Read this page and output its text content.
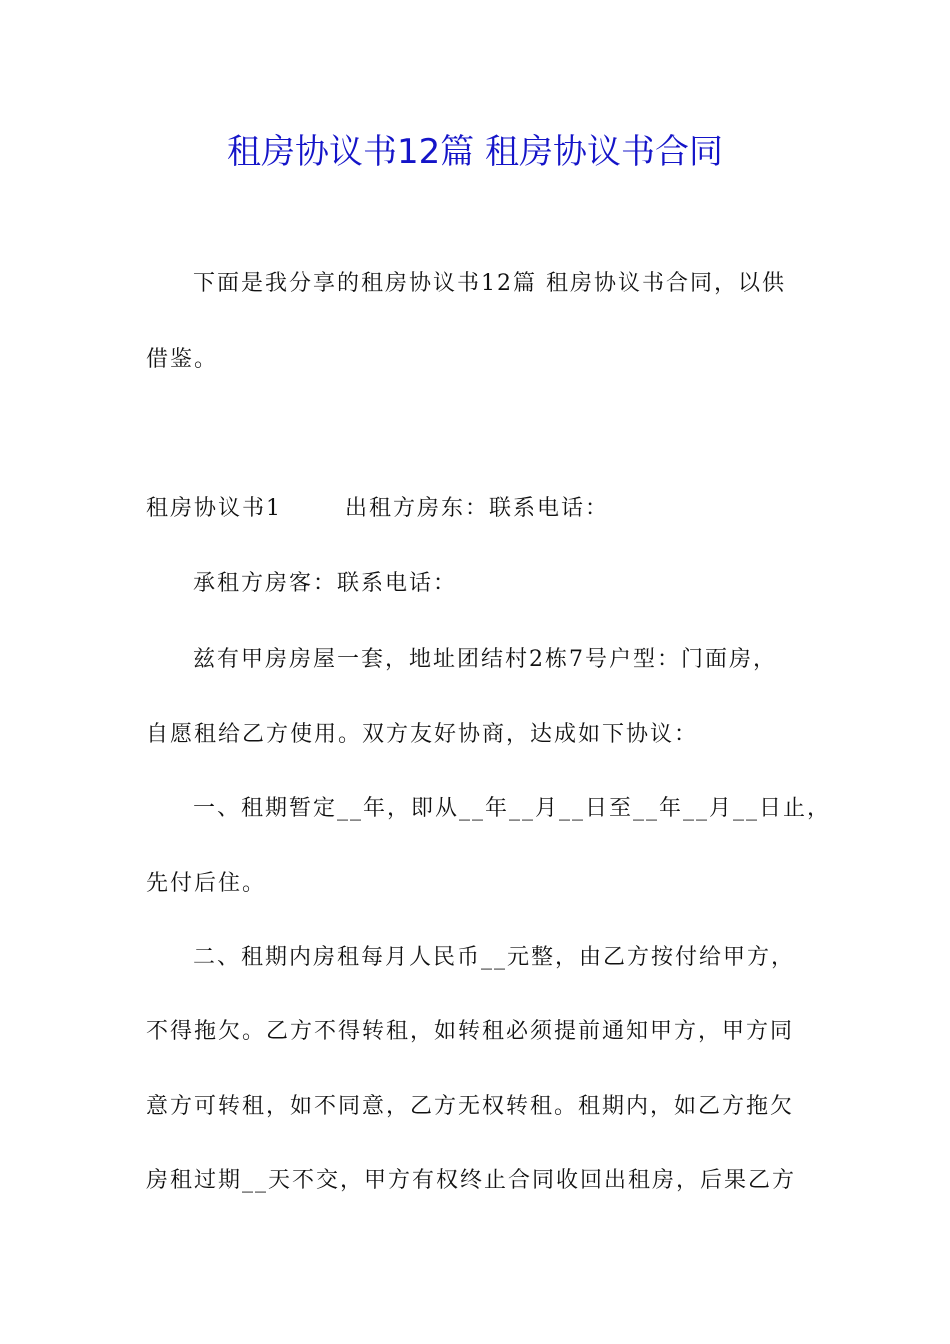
租房协议书12篇 租房协议书合同
下面是我分享的租房协议书12篇 租房协议书合同，以供
借鉴。
租房协议书1       出租方房东：联系电话：
承租方房客：联系电话：
兹有甲房房屋一套，地址团结村2栋7号户型：门面房，
自愿租给乙方使用。双方友好协商，达成如下协议：
一、租期暂定__年，即从__年__月__日至__年__月__日止，
先付后住。
二、租期内房租每月人民币__元整，由乙方按付给甲方，
不得拖欠。乙方不得转租，如转租必须提前通知甲方，甲方同
意方可转租，如不同意，乙方无权转租。租期内，如乙方拖欠
房租过期__天不交，甲方有权终止合同收回出租房，后果乙方
